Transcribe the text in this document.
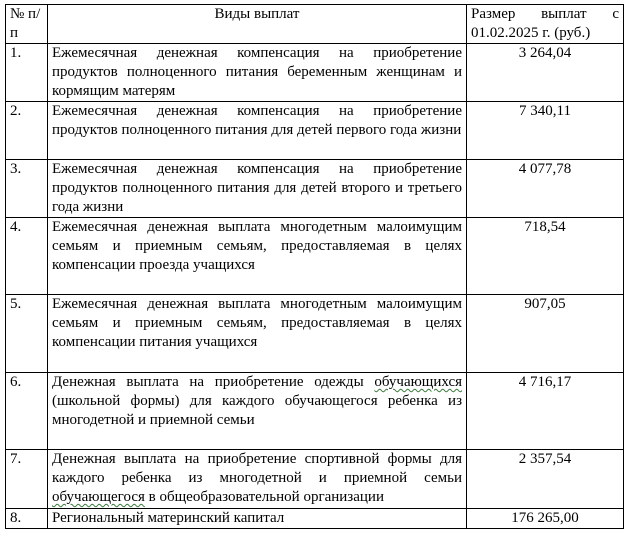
№ п/п	Виды выплат	Размер выплат с 01.02.2025 г. (руб.)
1.	Ежемесячная денежная компенсация на приобретение продуктов полноценного питания беременным женщинам и кормящим матерям	3 264,04
2.	Ежемесячная денежная компенсация на приобретение продуктов полноценного питания для детей первого года жизни	7 340,11
3.	Ежемесячная денежная компенсация на приобретение продуктов полноценного питания для детей второго и третьего года жизни	4 077,78
4.	Ежемесячная денежная выплата многодетным малоимущим семьям и приемным семьям, предоставляемая в целях компенсации проезда учащихся	718,54
5.	Ежемесячная денежная выплата многодетным малоимущим семьям и приемным семьям, предоставляемая в целях компенсации питания учащихся	907,05
6.	Денежная выплата на приобретение одежды обучающихся (школьной формы) для каждого обучающегося ребенка из многодетной и приемной семьи	4 716,17
7.	Денежная выплата на приобретение спортивной формы для каждого ребенка из многодетной и приемной семьи обучающегося в общеобразовательной организации	2 357,54
8.	Региональный материнский капитал	176 265,00
